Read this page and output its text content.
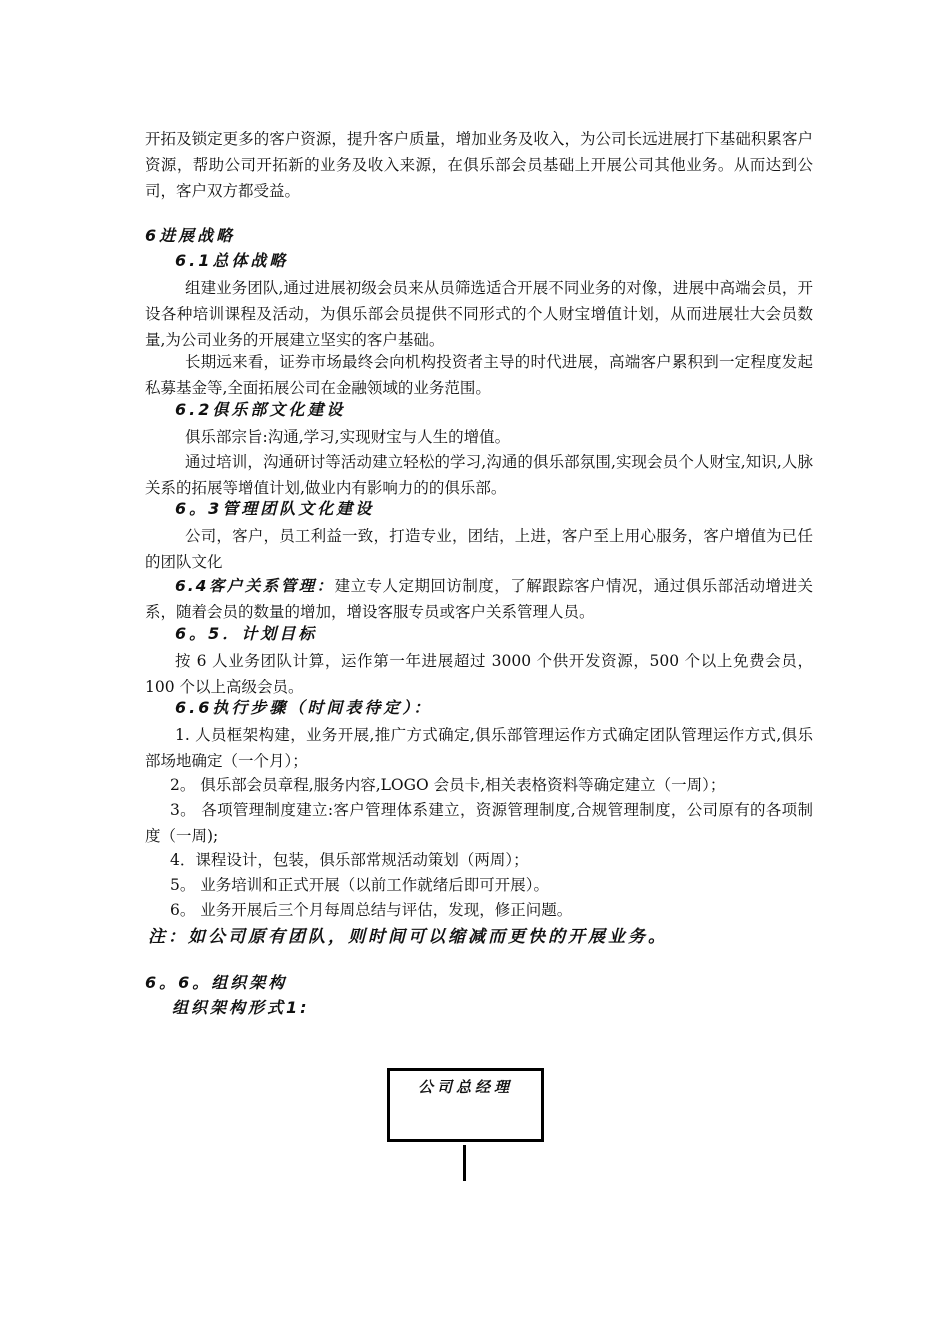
开拓及锁定更多的客户资源，提升客户质量，增加业务及收入，为公司长远进展打下基础积累客户资源，帮助公司开拓新的业务及收入来源，在俱乐部会员基础上开展公司其他业务。从而达到公司，客户双方都受益。

6进展战略
6.1总体战略

组建业务团队,通过进展初级会员来从员筛选适合开展不同业务的对像，进展中高端会员，开设各种培训课程及活动，为俱乐部会员提供不同形式的个人财宝增值计划，从而进展壮大会员数量,为公司业务的开展建立坚实的客户基础。

长期远来看，证券市场最终会向机构投资者主导的时代进展，高端客户累积到一定程度发起私募基金等,全面拓展公司在金融领域的业务范围。

6.2俱乐部文化建设

俱乐部宗旨:沟通,学习,实现财宝与人生的增值。

通过培训，沟通研讨等活动建立轻松的学习,沟通的俱乐部氛围,实现会员个人财宝,知识,人脉关系的拓展等增值计划,做业内有影响力的的俱乐部。

6。3管理团队文化建设

公司，客户，员工利益一致，打造专业，团结，上进，客户至上用心服务，客户增值为已任的团队文化

6.4客户关系管理：建立专人定期回访制度，了解跟踪客户情况，通过俱乐部活动增进关系，随着会员的数量的增加，增设客服专员或客户关系管理人员。

6。5．计划目标

按 6 人业务团队计算，运作第一年进展超过 3000 个供开发资源，500 个以上免费会员，100 个以上高级会员。

6.6执行步骤（时间表待定）：

1. 人员框架构建，业务开展,推广方式确定,俱乐部管理运作方式确定团队管理运作方式,俱乐部场地确定（一个月）；

2。 俱乐部会员章程,服务内容,LOGO 会员卡,相关表格资料等确定建立（一周）；

3。 各项管理制度建立:客户管理体系建立，资源管理制度,合规管理制度，公司原有的各项制度（一周);

4．课程设计，包装，俱乐部常规活动策划（两周）；

5。 业务培训和正式开展（以前工作就绪后即可开展）。

6。 业务开展后三个月每周总结与评估，发现，修正问题。

注：如公司原有团队，则时间可以缩减而更快的开展业务。

6。6。组织架构
组织架构形式1:
公司总经理
